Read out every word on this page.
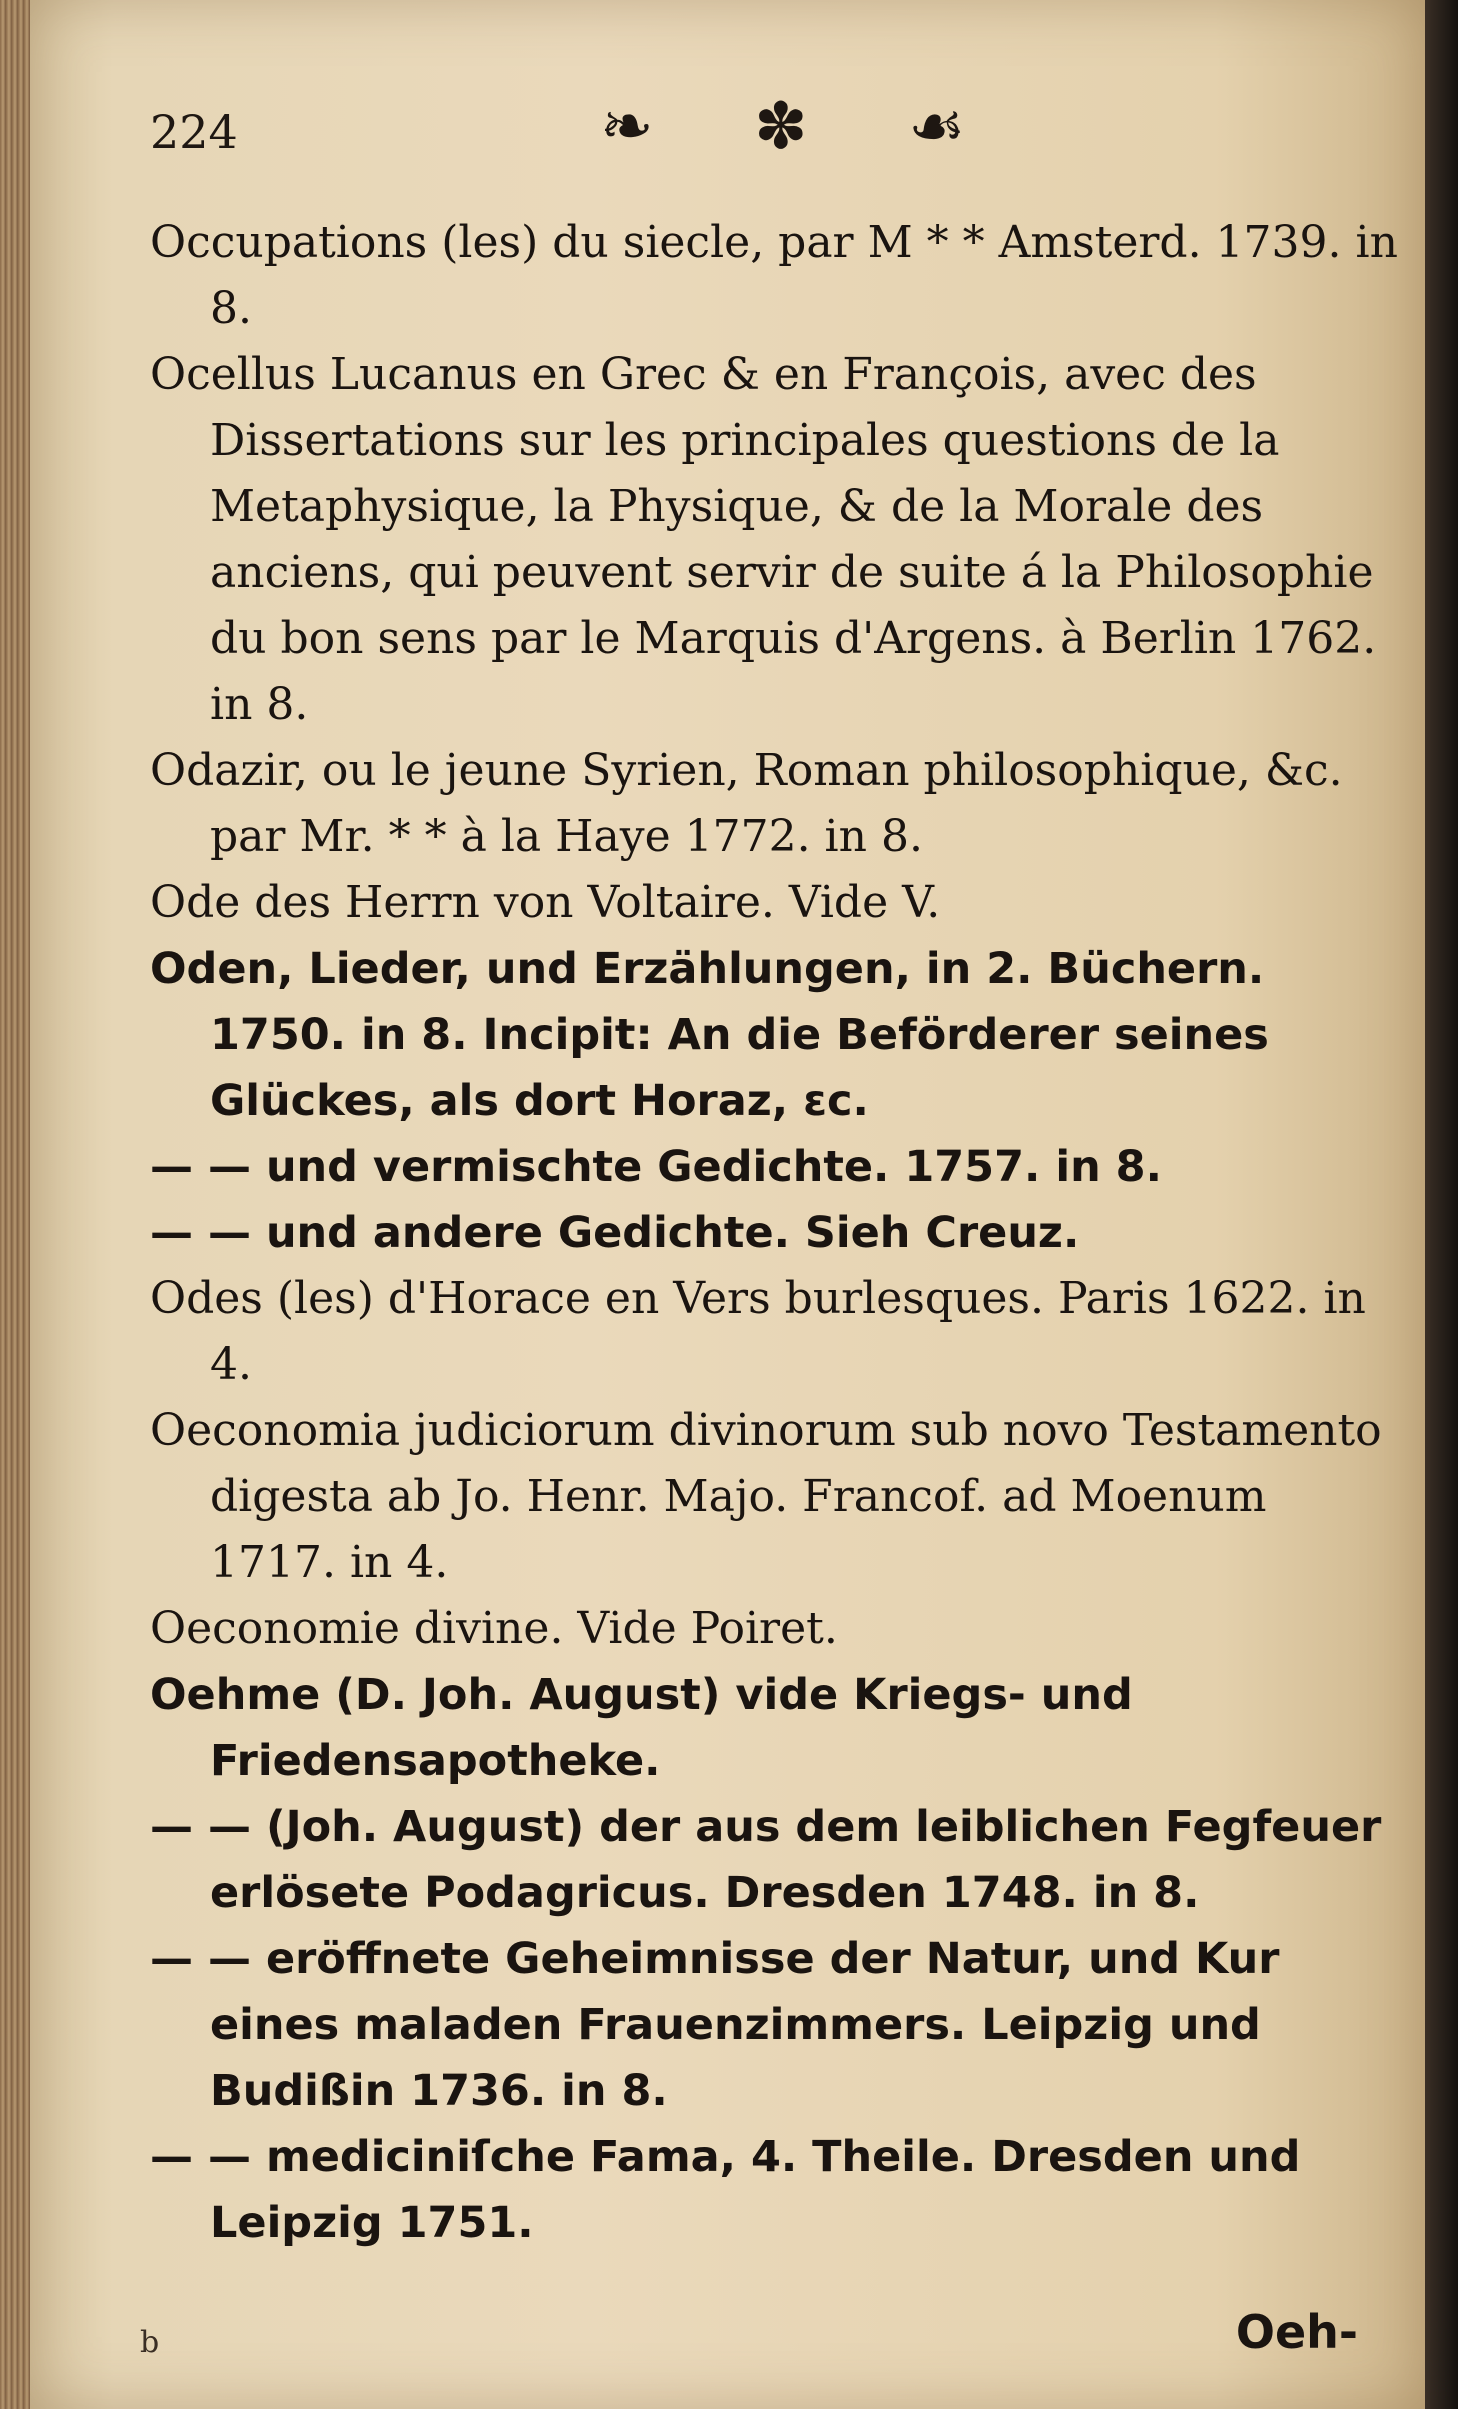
224	❧ ✽ ☙

Occupations (les) du siecle, par M * * Amsterd. 1739. in 8.

Ocellus Lucanus en Grec & en François, avec des Dissertations sur les principales questions de la Metaphysique, la Physique, & de la Morale des anciens, qui peuvent servir de suite á la Philosophie du bon sens par le Marquis d'Argens. à Berlin 1762. in 8.

Odazir, ou le jeune Syrien, Roman philosophique, &c. par Mr. * * à la Haye 1772. in 8.

Ode des Herrn von Voltaire. Vide V.

Oden, Lieder, und Erzählungen, in 2. Büchern. 1750. in 8. Incipit: An die Beförderer seines Glückes, als dort Horaz, ɛc.

— — und vermischte Gedichte. 1757. in 8.

— — und andere Gedichte. Sieh Creuz.

Odes (les) d'Horace en Vers burlesques. Paris 1622. in 4.

Oeconomia judiciorum divinorum sub novo Testamento digesta ab Jo. Henr. Majo. Francof. ad Moenum 1717. in 4.

Oeconomie divine. Vide Poiret.

Oehme (D. Joh. August) vide Kriegs- und Friedensapotheke.

— — (Joh. August) der aus dem leiblichen Fegfeuer erlösete Podagricus. Dresden 1748. in 8.

— — eröffnete Geheimnisse der Natur, und Kur eines maladen Frauenzimmers. Leipzig und Budißin 1736. in 8.

— — mediciniſche Fama, 4. Theile. Dresden und Leipzig 1751.

b	Oeh-
